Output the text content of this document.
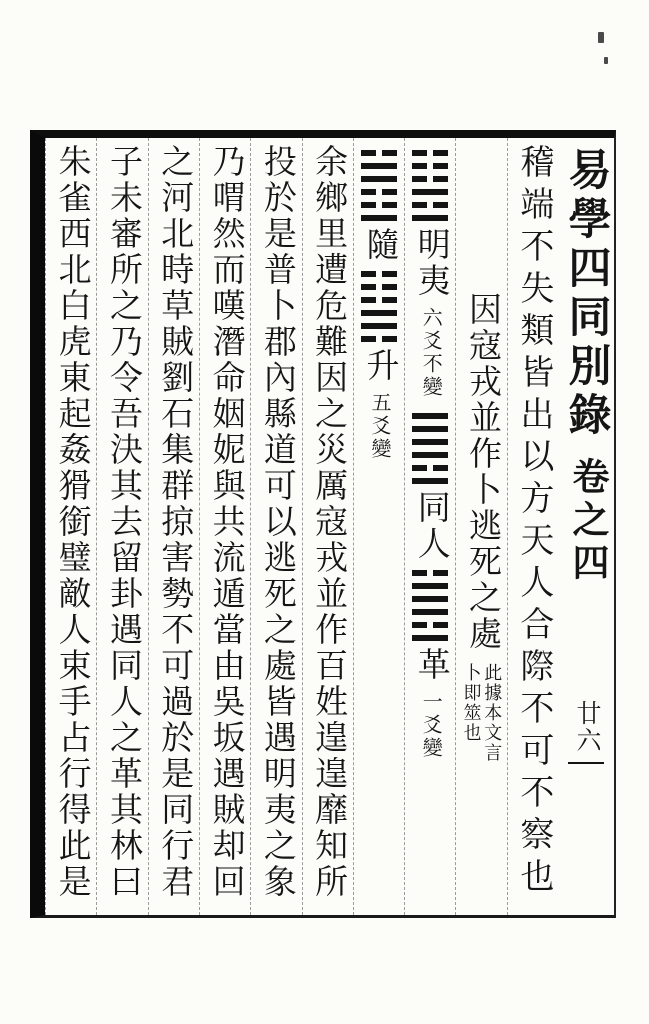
易學四同別錄
卷之四
廿六
稽端不失類皆出以方天人合際不可不察也
因寇戎並作卜逃死之處
此據本文言
卜即筮也
明夷
六爻不變
同人
革
一爻變
隨
升
五爻變
余鄉里遭危難因之災厲寇戎並作百姓遑遑靡知所
投於是普卜郡內縣道可以逃死之處皆遇明夷之象
乃喟然而嘆潛命姻妮與共流遁當由吳坂遇賊却回
之河北時草賊劉石集群掠害勢不可過於是同行君
子未審所之乃令吾決其去留卦遇同人之革其林曰
朱雀西北白虎東起姦猾銜璧敵人束手占行得此是
